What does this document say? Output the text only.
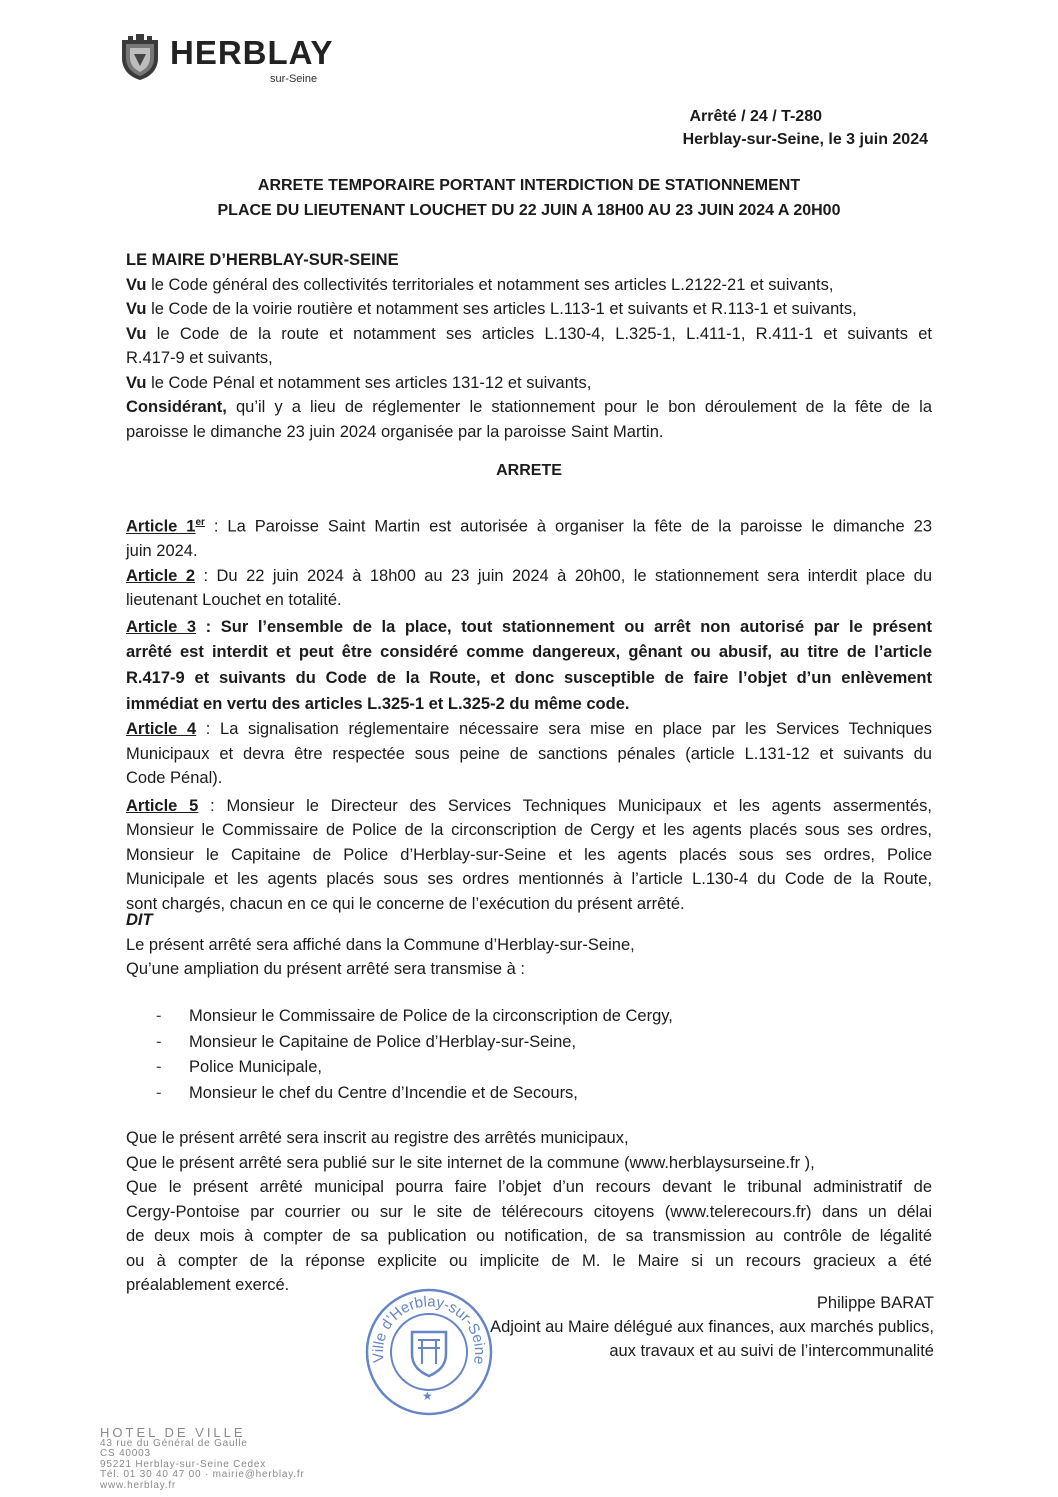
HERBLAY
sur-Seine
Arrêté / 24 / T-280
Herblay-sur-Seine, le 3 juin 2024
ARRETE TEMPORAIRE PORTANT INTERDICTION DE STATIONNEMENT
PLACE DU LIEUTENANT LOUCHET DU 22 JUIN A 18H00 AU 23 JUIN 2024 A 20H00
LE MAIRE D’HERBLAY-SUR-SEINE
Vu le Code général des collectivités territoriales et notamment ses articles L.2122-21 et suivants,
Vu le Code de la voirie routière et notamment ses articles L.113-1 et suivants et R.113-1 et suivants,
Vu le Code de la route et notamment ses articles L.130-4, L.325-1, L.411-1, R.411-1 et suivants et
R.417-9 et suivants,
Vu le Code Pénal et notamment ses articles 131-12 et suivants,
Considérant, qu’il y a lieu de réglementer le stationnement pour le bon déroulement de la fête de la
paroisse le dimanche 23 juin 2024 organisée par la paroisse Saint Martin.
ARRETE
Article 1er : La Paroisse Saint Martin est autorisée à organiser la fête de la paroisse le dimanche 23
juin 2024.
Article 2 : Du 22 juin 2024 à 18h00 au 23 juin 2024 à 20h00, le stationnement sera interdit place du
lieutenant Louchet en totalité.
Article 3 : Sur l’ensemble de la place, tout stationnement ou arrêt non autorisé par le présent
arrêté est interdit et peut être considéré comme dangereux, gênant ou abusif, au titre de l’article
R.417-9 et suivants du Code de la Route, et donc susceptible de faire l’objet d’un enlèvement
immédiat en vertu des articles L.325-1 et L.325-2 du même code.
Article 4 : La signalisation réglementaire nécessaire sera mise en place par les Services Techniques
Municipaux et devra être respectée sous peine de sanctions pénales (article L.131-12 et suivants du
Code Pénal).
Article 5 : Monsieur le Directeur des Services Techniques Municipaux et les agents assermentés,
Monsieur le Commissaire de Police de la circonscription de Cergy et les agents placés sous ses ordres,
Monsieur le Capitaine de Police d’Herblay-sur-Seine et les agents placés sous ses ordres, Police
Municipale et les agents placés sous ses ordres mentionnés à l’article L.130-4 du Code de la Route,
sont chargés, chacun en ce qui le concerne de l’exécution du présent arrêté.
DIT
Le présent arrêté sera affiché dans la Commune d’Herblay-sur-Seine,
Qu’une ampliation du présent arrêté sera transmise à :
-	Monsieur le Commissaire de Police de la circonscription de Cergy,
-	Monsieur le Capitaine de Police d’Herblay-sur-Seine,
-	Police Municipale,
-	Monsieur le chef du Centre d’Incendie et de Secours,
Que le présent arrêté sera inscrit au registre des arrêtés municipaux,
Que le présent arrêté sera publié sur le site internet de la commune (www.herblaysurseine.fr ),
Que le présent arrêté municipal pourra faire l’objet d’un recours devant le tribunal administratif de
Cergy-Pontoise par courrier ou sur le site de télérecours citoyens (www.telerecours.fr) dans un délai
de deux mois à compter de sa publication ou notification, de sa transmission au contrôle de légalité
ou à compter de la réponse explicite ou implicite de M. le Maire si un recours gracieux a été
préalablement exercé.
Ville d’Herblay-sur-Seine
★
Philippe BARAT
Adjoint au Maire délégué aux finances, aux marchés publics,
aux travaux et au suivi de l’intercommunalité
HOTEL DE VILLE
43 rue du Général de Gaulle
CS 40003
95221 Herblay-sur-Seine Cedex
Tél. 01 30 40 47 00 · mairie@herblay.fr
www.herblay.fr
